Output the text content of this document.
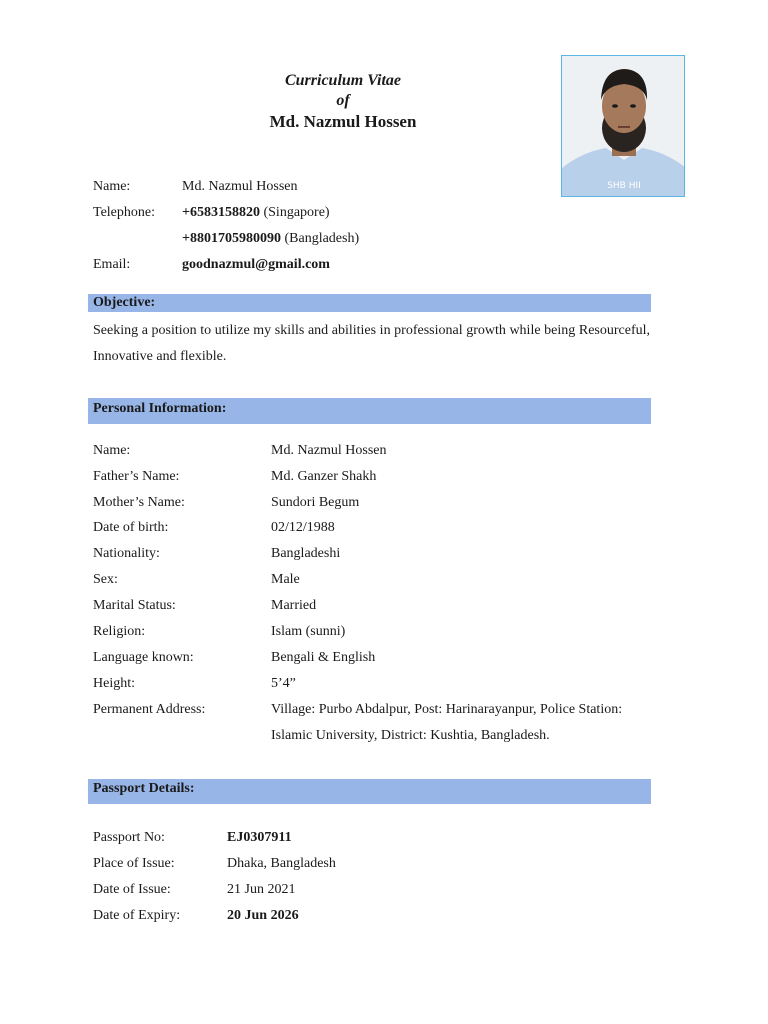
Curriculum Vitae
of
Md. Nazmul Hossen
SHB HII
Name:	Md. Nazmul Hossen
Telephone: +6583158820 (Singapore)
+8801705980090 (Bangladesh)
Email:	goodnazmul@gmail.com
Objective:
Seeking a position to utilize my skills and abilities in professional growth while being Resourceful, Innovative and flexible.
Personal Information:
Name:	Md. Nazmul Hossen
Father’s Name:	Md. Ganzer Shakh
Mother’s Name:	Sundori Begum
Date of birth:	02/12/1988
Nationality:	Bangladeshi
Sex:	Male
Marital Status:	Married
Religion:	Islam (sunni)
Language known:	Bengali & English
Height:	5’4”
Permanent Address:	Village: Purbo Abdalpur, Post: Harinarayanpur, Police Station:
Islamic University, District: Kushtia, Bangladesh.
Passport Details:
Passport No:	EJ0307911
Place of Issue:	Dhaka, Bangladesh
Date of Issue:	21 Jun 2021
Date of Expiry:	20 Jun 2026
